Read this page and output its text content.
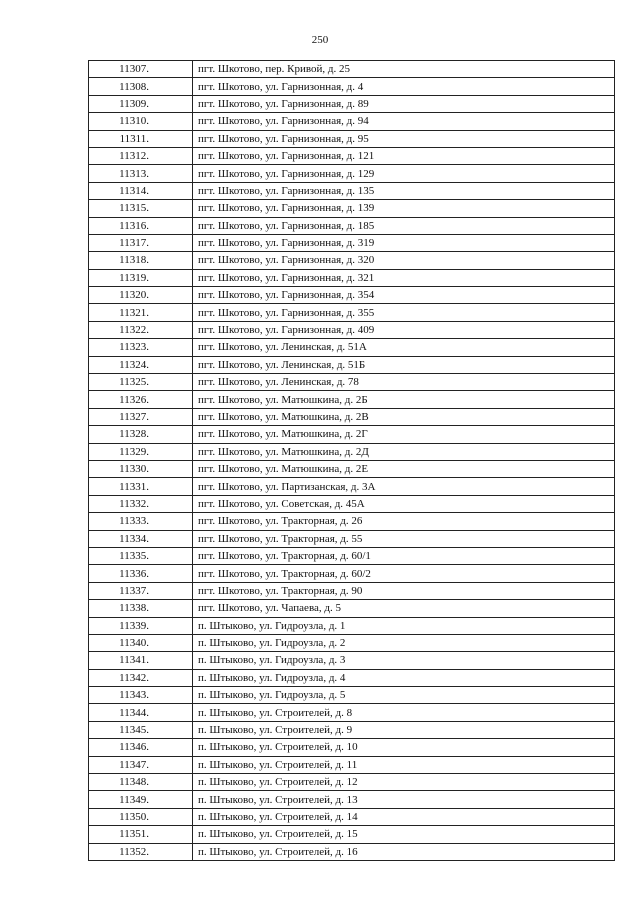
250
11307.	пгт. Шкотово, пер. Кривой, д. 25
11308.	пгт. Шкотово, ул. Гарнизонная, д. 4
11309.	пгт. Шкотово, ул. Гарнизонная, д. 89
11310.	пгт. Шкотово, ул. Гарнизонная, д. 94
11311.	пгт. Шкотово, ул. Гарнизонная, д. 95
11312.	пгт. Шкотово, ул. Гарнизонная, д. 121
11313.	пгт. Шкотово, ул. Гарнизонная, д. 129
11314.	пгт. Шкотово, ул. Гарнизонная, д. 135
11315.	пгт. Шкотово, ул. Гарнизонная, д. 139
11316.	пгт. Шкотово, ул. Гарнизонная, д. 185
11317.	пгт. Шкотово, ул. Гарнизонная, д. 319
11318.	пгт. Шкотово, ул. Гарнизонная, д. 320
11319.	пгт. Шкотово, ул. Гарнизонная, д. 321
11320.	пгт. Шкотово, ул. Гарнизонная, д. 354
11321.	пгт. Шкотово, ул. Гарнизонная, д. 355
11322.	пгт. Шкотово, ул. Гарнизонная, д. 409
11323.	пгт. Шкотово, ул. Ленинская, д. 51А
11324.	пгт. Шкотово, ул. Ленинская, д. 51Б
11325.	пгт. Шкотово, ул. Ленинская, д. 78
11326.	пгт. Шкотово, ул. Матюшкина, д. 2Б
11327.	пгт. Шкотово, ул. Матюшкина, д. 2В
11328.	пгт. Шкотово, ул. Матюшкина, д. 2Г
11329.	пгт. Шкотово, ул. Матюшкина, д. 2Д
11330.	пгт. Шкотово, ул. Матюшкина, д. 2Е
11331.	пгт. Шкотово, ул. Партизанская, д. 3А
11332.	пгт. Шкотово, ул. Советская, д. 45А
11333.	пгт. Шкотово, ул. Тракторная, д. 26
11334.	пгт. Шкотово, ул. Тракторная, д. 55
11335.	пгт. Шкотово, ул. Тракторная, д. 60/1
11336.	пгт. Шкотово, ул. Тракторная, д. 60/2
11337.	пгт. Шкотово, ул. Тракторная, д. 90
11338.	пгт. Шкотово, ул. Чапаева, д. 5
11339.	п. Штыково, ул. Гидроузла, д. 1
11340.	п. Штыково, ул. Гидроузла, д. 2
11341.	п. Штыково, ул. Гидроузла, д. 3
11342.	п. Штыково, ул. Гидроузла, д. 4
11343.	п. Штыково, ул. Гидроузла, д. 5
11344.	п. Штыково, ул. Строителей, д. 8
11345.	п. Штыково, ул. Строителей, д. 9
11346.	п. Штыково, ул. Строителей, д. 10
11347.	п. Штыково, ул. Строителей, д. 11
11348.	п. Штыково, ул. Строителей, д. 12
11349.	п. Штыково, ул. Строителей, д. 13
11350.	п. Штыково, ул. Строителей, д. 14
11351.	п. Штыково, ул. Строителей, д. 15
11352.	п. Штыково, ул. Строителей, д. 16
